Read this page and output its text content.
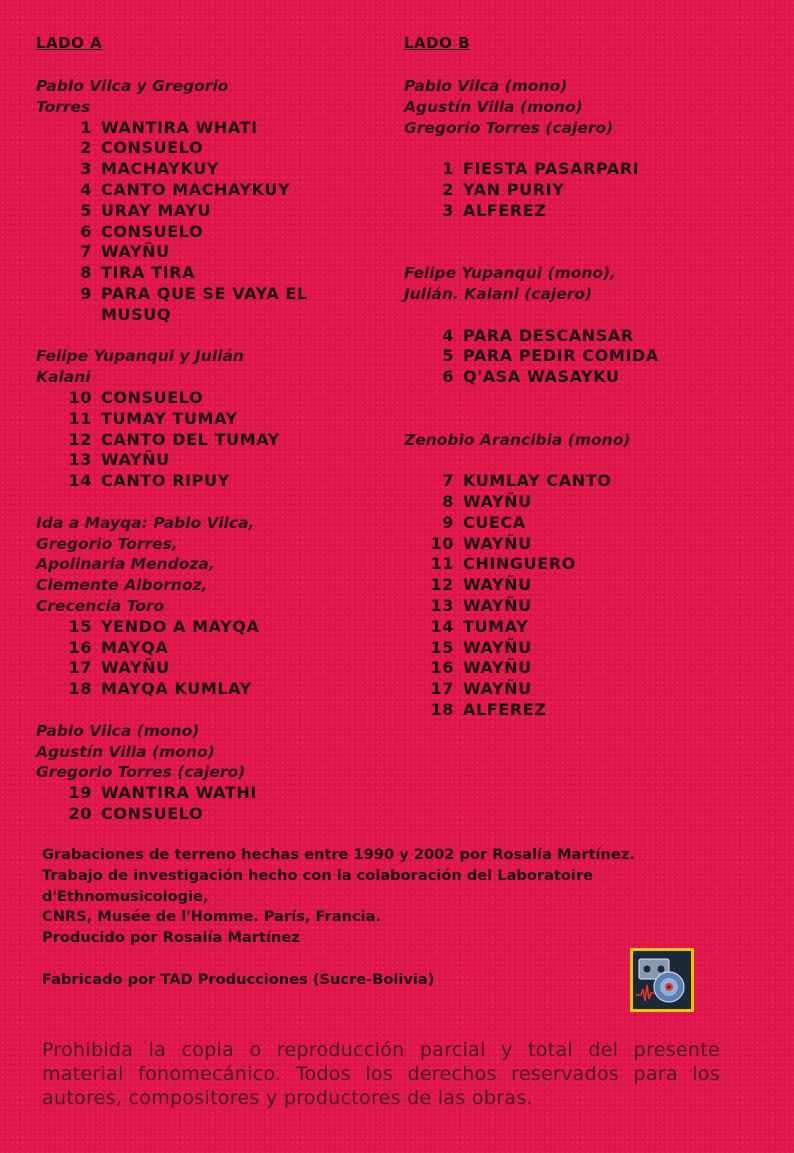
LADO A
Pablo Vilca y Gregorio
Torres
1 WANTIRA WHATI
2 CONSUELO
3 MACHAYKUY
4 CANTO MACHAYKUY
5 URAY MAYU
6 CONSUELO
7 WAYÑU
8 TIRA TIRA
9 PARA QUE SE VAYA EL MUSUQ
Felipe Yupanqui y Julián
Kalani
10 CONSUELO
11 TUMAY TUMAY
12 CANTO DEL TUMAY
13 WAYÑU
14 CANTO RIPUY
Ida a Mayqa: Pablo Vilca,
Gregorio Torres,
Apolinaria Mendoza,
Clemente Albornoz,
Crecencia Toro
15 YENDO A MAYQA
16 MAYQA
17 WAYÑU
18 MAYQA KUMLAY
Pablo Vilca (mono)
Agustín Villa (mono)
Gregorio Torres (cajero)
19 WANTIRA WATHI
20 CONSUELO
LADO B
Pablo Vilca (mono)
Agustín Villa (mono)
Gregorio Torres (cajero)
1 FIESTA PASARPARI
2 YAN PURIY
3 ALFEREZ
Felipe Yupanqui (mono),
Julián. Kalani (cajero)
4 PARA DESCANSAR
5 PARA PEDIR COMIDA
6 Q'ASA WASAYKU
Zenobio Arancibia (mono)
7 KUMLAY CANTO
8 WAYÑU
9 CUECA
10 WAYÑU
11 CHINGUERO
12 WAYÑU
13 WAYÑU
14 TUMAY
15 WAYÑU
16 WAYÑU
17 WAYÑU
18 ALFEREZ

Grabaciones de terreno hechas entre 1990 y 2002 por Rosalía Martínez.

Trabajo de investigación hecho con la colaboración del Laboratoire d'Ethnomusicologie,

CNRS, Musée de l'Homme. París, Francia.

Producido por Rosalía Martínez

Fabricado por TAD Producciones (Sucre-Bolivia)

Prohibida la copia o reproducción parcial y total del presente material fonomecánico. Todos los derechos reservados para los autores, compositores y productores de las obras.
